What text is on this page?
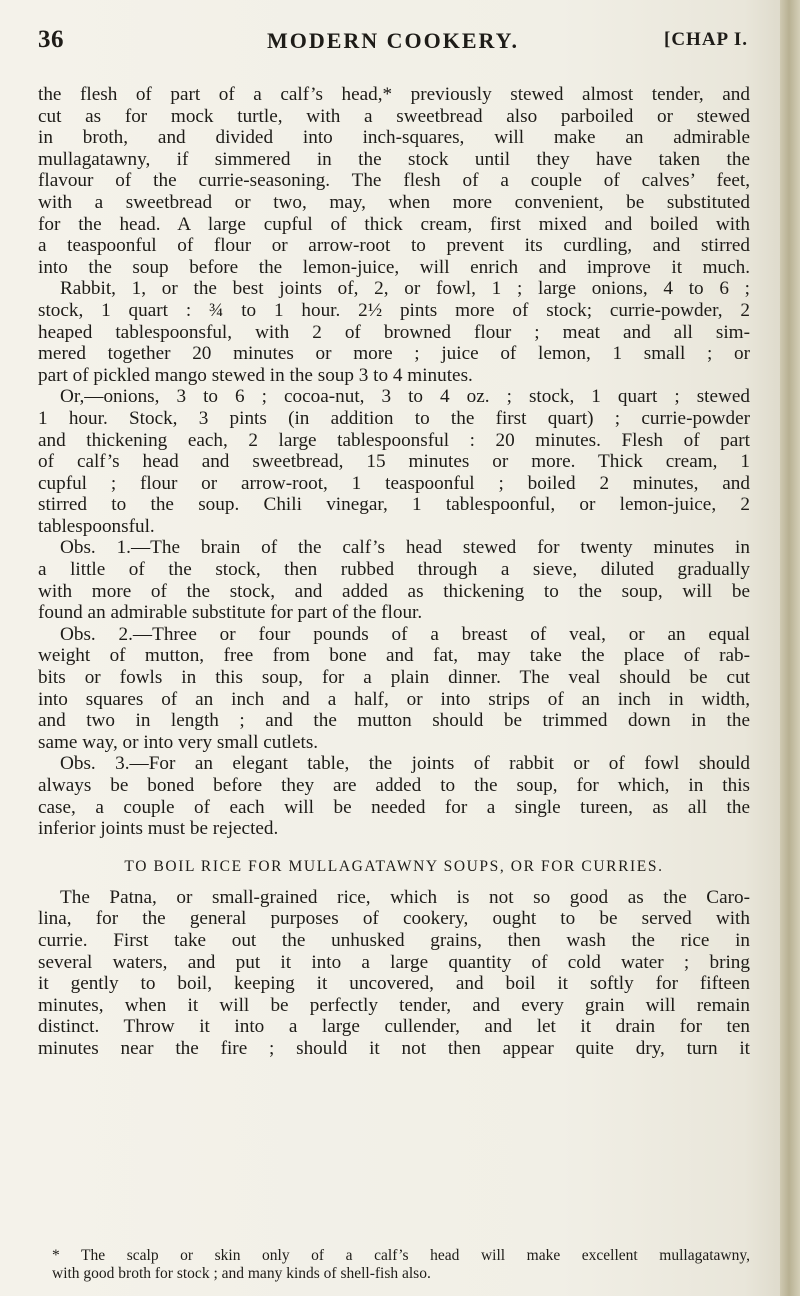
36	MODERN COOKERY.	[CHAP I.
the flesh of part of a calf’s head,* previously stewed almost tender, and
cut as for mock turtle, with a sweetbread also parboiled or stewed
in broth, and divided into inch-squares, will make an admirable
mullagatawny, if simmered in the stock until they have taken the
flavour of the currie-seasoning. The flesh of a couple of calves’ feet,
with a sweetbread or two, may, when more convenient, be substituted
for the head. A large cupful of thick cream, first mixed and boiled with
a teaspoonful of flour or arrow-root to prevent its curdling, and stirred
into the soup before the lemon-juice, will enrich and improve it much.
Rabbit, 1, or the best joints of, 2, or fowl, 1 ; large onions, 4 to 6 ;
stock, 1 quart : ¾ to 1 hour. 2½ pints more of stock; currie-powder, 2
heaped tablespoonsful, with 2 of browned flour ; meat and all sim-
mered together 20 minutes or more ; juice of lemon, 1 small ; or
part of pickled mango stewed in the soup 3 to 4 minutes.
Or,—onions, 3 to 6 ; cocoa-nut, 3 to 4 oz. ; stock, 1 quart ; stewed
1 hour. Stock, 3 pints (in addition to the first quart) ; currie-powder
and thickening each, 2 large tablespoonsful : 20 minutes. Flesh of part
of calf’s head and sweetbread, 15 minutes or more. Thick cream, 1
cupful ; flour or arrow-root, 1 teaspoonful ; boiled 2 minutes, and
stirred to the soup. Chili vinegar, 1 tablespoonful, or lemon-juice, 2
tablespoonsful.
Obs. 1.—The brain of the calf’s head stewed for twenty minutes in
a little of the stock, then rubbed through a sieve, diluted gradually
with more of the stock, and added as thickening to the soup, will be
found an admirable substitute for part of the flour.
Obs. 2.—Three or four pounds of a breast of veal, or an equal
weight of mutton, free from bone and fat, may take the place of rab-
bits or fowls in this soup, for a plain dinner. The veal should be cut
into squares of an inch and a half, or into strips of an inch in width,
and two in length ; and the mutton should be trimmed down in the
same way, or into very small cutlets.
Obs. 3.—For an elegant table, the joints of rabbit or of fowl should
always be boned before they are added to the soup, for which, in this
case, a couple of each will be needed for a single tureen, as all the
inferior joints must be rejected.
TO BOIL RICE FOR MULLAGATAWNY SOUPS, OR FOR CURRIES.
The Patna, or small-grained rice, which is not so good as the Caro-
lina, for the general purposes of cookery, ought to be served with
currie. First take out the unhusked grains, then wash the rice in
several waters, and put it into a large quantity of cold water ; bring
it gently to boil, keeping it uncovered, and boil it softly for fifteen
minutes, when it will be perfectly tender, and every grain will remain
distinct. Throw it into a large cullender, and let it drain for ten
minutes near the fire ; should it not then appear quite dry, turn it
* The scalp or skin only of a calf’s head will make excellent mullagatawny,
with good broth for stock ; and many kinds of shell-fish also.
